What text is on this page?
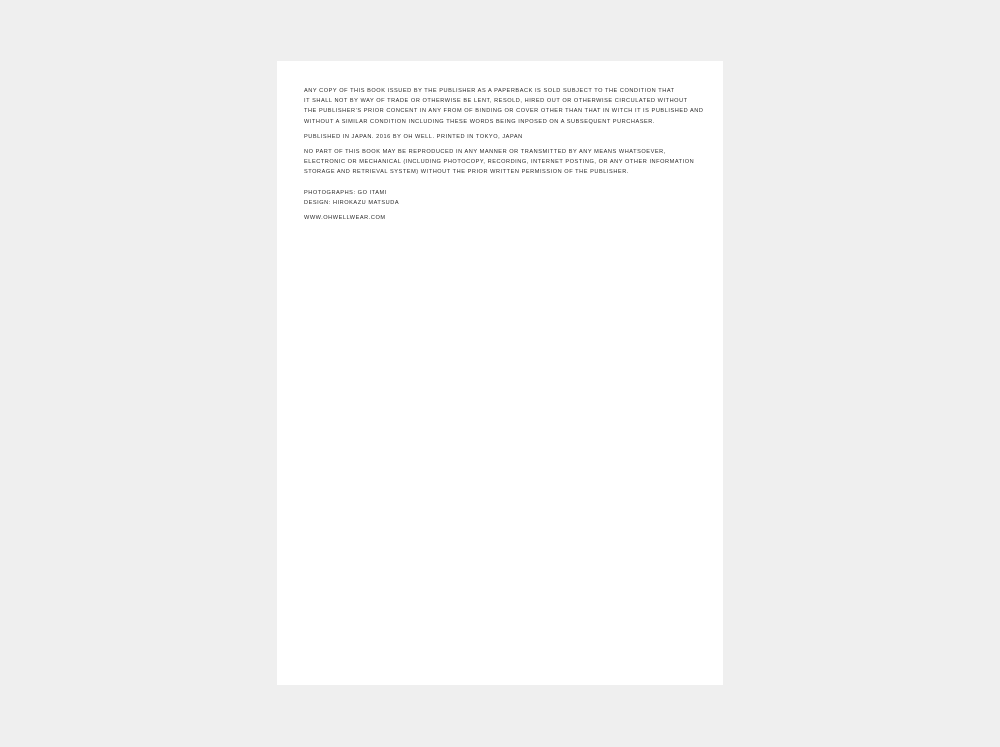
ANY COPY OF THIS BOOK ISSUED BY THE PUBLISHER AS A PAPERBACK IS SOLD SUBJECT TO THE CONDITION THAT
IT SHALL NOT BY WAY OF TRADE OR OTHERWISE BE LENT, RESOLD, HIRED OUT OR OTHERWISE CIRCULATED WITHOUT
THE PUBLISHER’S PRIOR CONCENT IN ANY FROM OF BINDING OR COVER OTHER THAN THAT IN WITCH IT IS PUBLISHED AND
WITHOUT A SIMILAR CONDITION INCLUDING THESE WORDS BEING INPOSED ON A SUBSEQUENT PURCHASER.
PUBLISHED IN JAPAN. 2016 BY OH WELL. PRINTED IN TOKYO, JAPAN
NO PART OF THIS BOOK MAY BE REPRODUCED IN ANY MANNER OR TRANSMITTED BY ANY MEANS WHATSOEVER,
ELECTRONIC OR MECHANICAL (INCLUDING PHOTOCOPY, RECORDING, INTERNET POSTING, OR ANY OTHER INFORMATION
STORAGE AND RETRIEVAL SYSTEM) WITHOUT THE PRIOR WRITTEN PERMISSION OF THE PUBLISHER.
PHOTOGRAPHS: GO ITAMI
DESIGN: HIROKAZU MATSUDA
WWW.OHWELLWEAR.COM
